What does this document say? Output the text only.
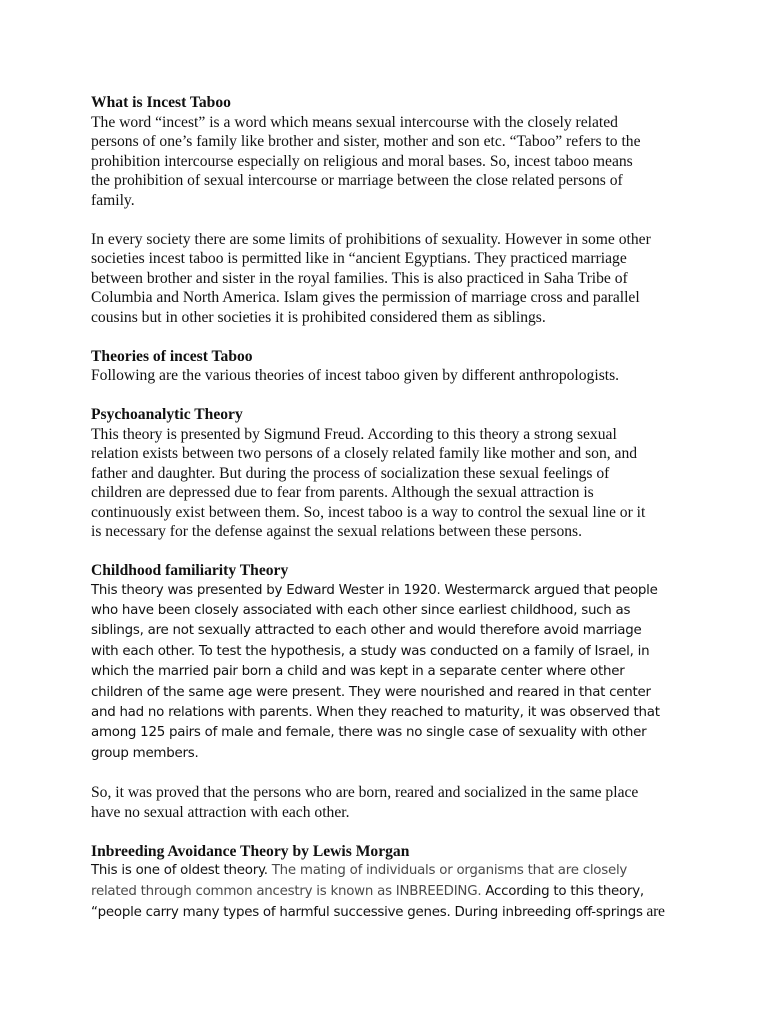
What is Incest Taboo

The word “incest” is a word which means sexual intercourse with the closely related
persons of one’s family like brother and sister, mother and son etc. “Taboo” refers to the
prohibition intercourse especially on religious and moral bases. So, incest taboo means
the prohibition of sexual intercourse or marriage between the close related persons of
family.

In every society there are some limits of prohibitions of sexuality. However in some other
societies incest taboo is permitted like in “ancient Egyptians. They practiced marriage
between brother and sister in the royal families. This is also practiced in Saha Tribe of
Columbia and North America. Islam gives the permission of marriage cross and parallel
cousins but in other societies it is prohibited considered them as siblings.

Theories of incest Taboo

Following are the various theories of incest taboo given by different anthropologists.

Psychoanalytic Theory

This theory is presented by Sigmund Freud. According to this theory a strong sexual
relation exists between two persons of a closely related family like mother and son, and
father and daughter. But during the process of socialization these sexual feelings of
children are depressed due to fear from parents. Although the sexual attraction is
continuously exist between them. So, incest taboo is a way to control the sexual line or it
is necessary for the defense against the sexual relations between these persons.

Childhood familiarity Theory

This theory was presented by Edward Wester in 1920. Westermarck argued that people
who have been closely associated with each other since earliest childhood, such as
siblings, are not sexually attracted to each other and would therefore avoid marriage
with each other. To test the hypothesis, a study was conducted on a family of Israel, in
which the married pair born a child and was kept in a separate center where other
children of the same age were present. They were nourished and reared in that center
and had no relations with parents. When they reached to maturity, it was observed that
among 125 pairs of male and female, there was no single case of sexuality with other
group members.

So, it was proved that the persons who are born, reared and socialized in the same place
have no sexual attraction with each other.

Inbreeding Avoidance Theory by Lewis Morgan

This is one of oldest theory. The mating of individuals or organisms that are closely
related through common ancestry is known as INBREEDING. According to this theory,
“people carry many types of harmful successive genes. During inbreeding off-springs are
